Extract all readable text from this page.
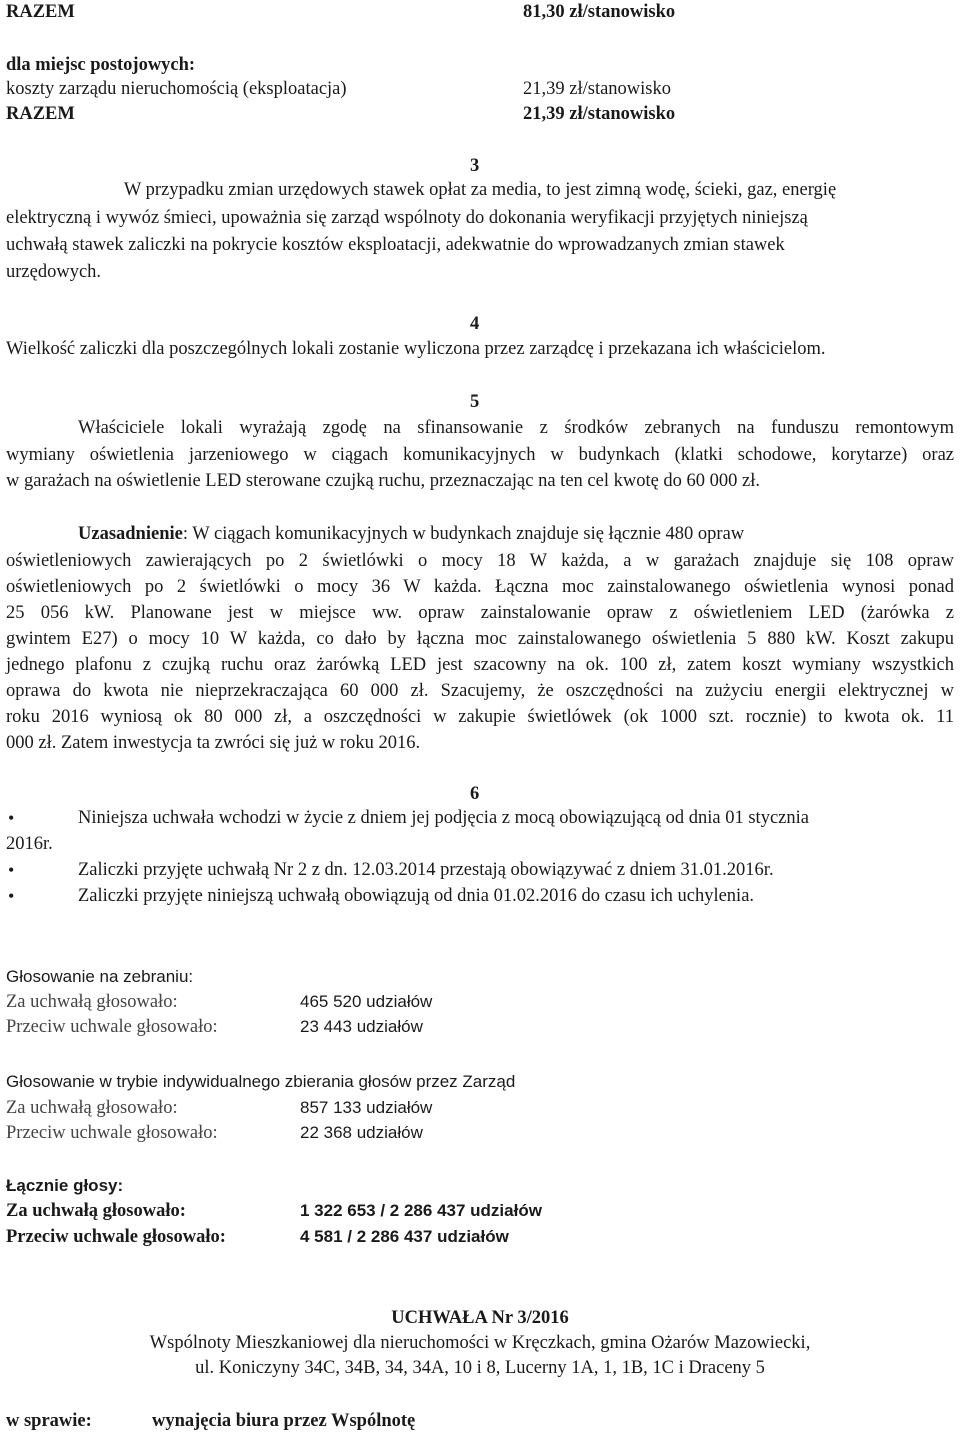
RAZEM	81,30 zł/stanowisko
dla miejsc postojowych:
koszty zarządu nieruchomością (eksploatacja)	21,39 zł/stanowisko
RAZEM	21,39 zł/stanowisko
3
W przypadku zmian urzędowych stawek opłat za media, to jest zimną wodę, ścieki, gaz, energię
elektryczną i wywóz śmieci, upoważnia się zarząd wspólnoty do dokonania weryfikacji przyjętych niniejszą
uchwałą stawek zaliczki na pokrycie kosztów eksploatacji, adekwatnie do wprowadzanych zmian stawek
urzędowych.
4
Wielkość zaliczki dla poszczególnych lokali zostanie wyliczona przez zarządcę i przekazana ich właścicielom.
5
Właściciele lokali wyrażają zgodę na sfinansowanie z środków zebranych na funduszu remontowym
wymiany oświetlenia jarzeniowego w ciągach komunikacyjnych w budynkach (klatki schodowe, korytarze) oraz
w garażach na oświetlenie LED sterowane czujką ruchu, przeznaczając na ten cel kwotę do 60 000 zł.
Uzasadnienie: W ciągach komunikacyjnych w budynkach znajduje się łącznie 480 opraw
oświetleniowych zawierających po 2 świetlówki o mocy 18 W każda, a w garażach znajduje się 108 opraw
oświetleniowych po 2 świetlówki o mocy 36 W każda. Łączna moc zainstalowanego oświetlenia wynosi ponad
25 056 kW. Planowane jest w miejsce ww. opraw zainstalowanie opraw z oświetleniem LED (żarówka z
gwintem E27) o mocy 10 W każda, co dało by łączna moc zainstalowanego oświetlenia 5 880 kW. Koszt zakupu
jednego plafonu z czujką ruchu oraz żarówką LED jest szacowny na ok. 100 zł, zatem koszt wymiany wszystkich
oprawa do kwota nie nieprzekraczająca 60 000 zł. Szacujemy, że oszczędności na zużyciu energii elektrycznej w
roku 2016 wyniosą ok 80 000 zł, a oszczędności w zakupie świetlówek (ok 1000 szt. rocznie) to kwota ok. 11
000 zł. Zatem inwestycja ta zwróci się już w roku 2016.
6
•	Niniejsza uchwała wchodzi w życie z dniem jej podjęcia z mocą obowiązującą od dnia 01 stycznia
2016r.
•	Zaliczki przyjęte uchwałą Nr 2 z dn. 12.03.2014 przestają obowiązywać z dniem 31.01.2016r.
•	Zaliczki przyjęte niniejszą uchwałą obowiązują od dnia 01.02.2016 do czasu ich uchylenia.
Głosowanie na zebraniu:
Za uchwałą głosowało:	465 520 udziałów
Przeciw uchwale głosowało:	23 443 udziałów
Głosowanie w trybie indywidualnego zbierania głosów przez Zarząd
Za uchwałą głosowało:	857 133 udziałów
Przeciw uchwale głosowało:	22 368 udziałów
Łącznie głosy:
Za uchwałą głosowało:	1 322 653 / 2 286 437 udziałów
Przeciw uchwale głosowało:	4 581 / 2 286 437 udziałów
UCHWAŁA Nr 3/2016
Wspólnoty Mieszkaniowej dla nieruchomości w Kręczkach, gmina Ożarów Mazowiecki,
ul. Koniczyny 34C, 34B, 34, 34A, 10 i 8, Lucerny 1A, 1, 1B, 1C i Draceny 5
w sprawie:	wynajęcia biura przez Wspólnotę
